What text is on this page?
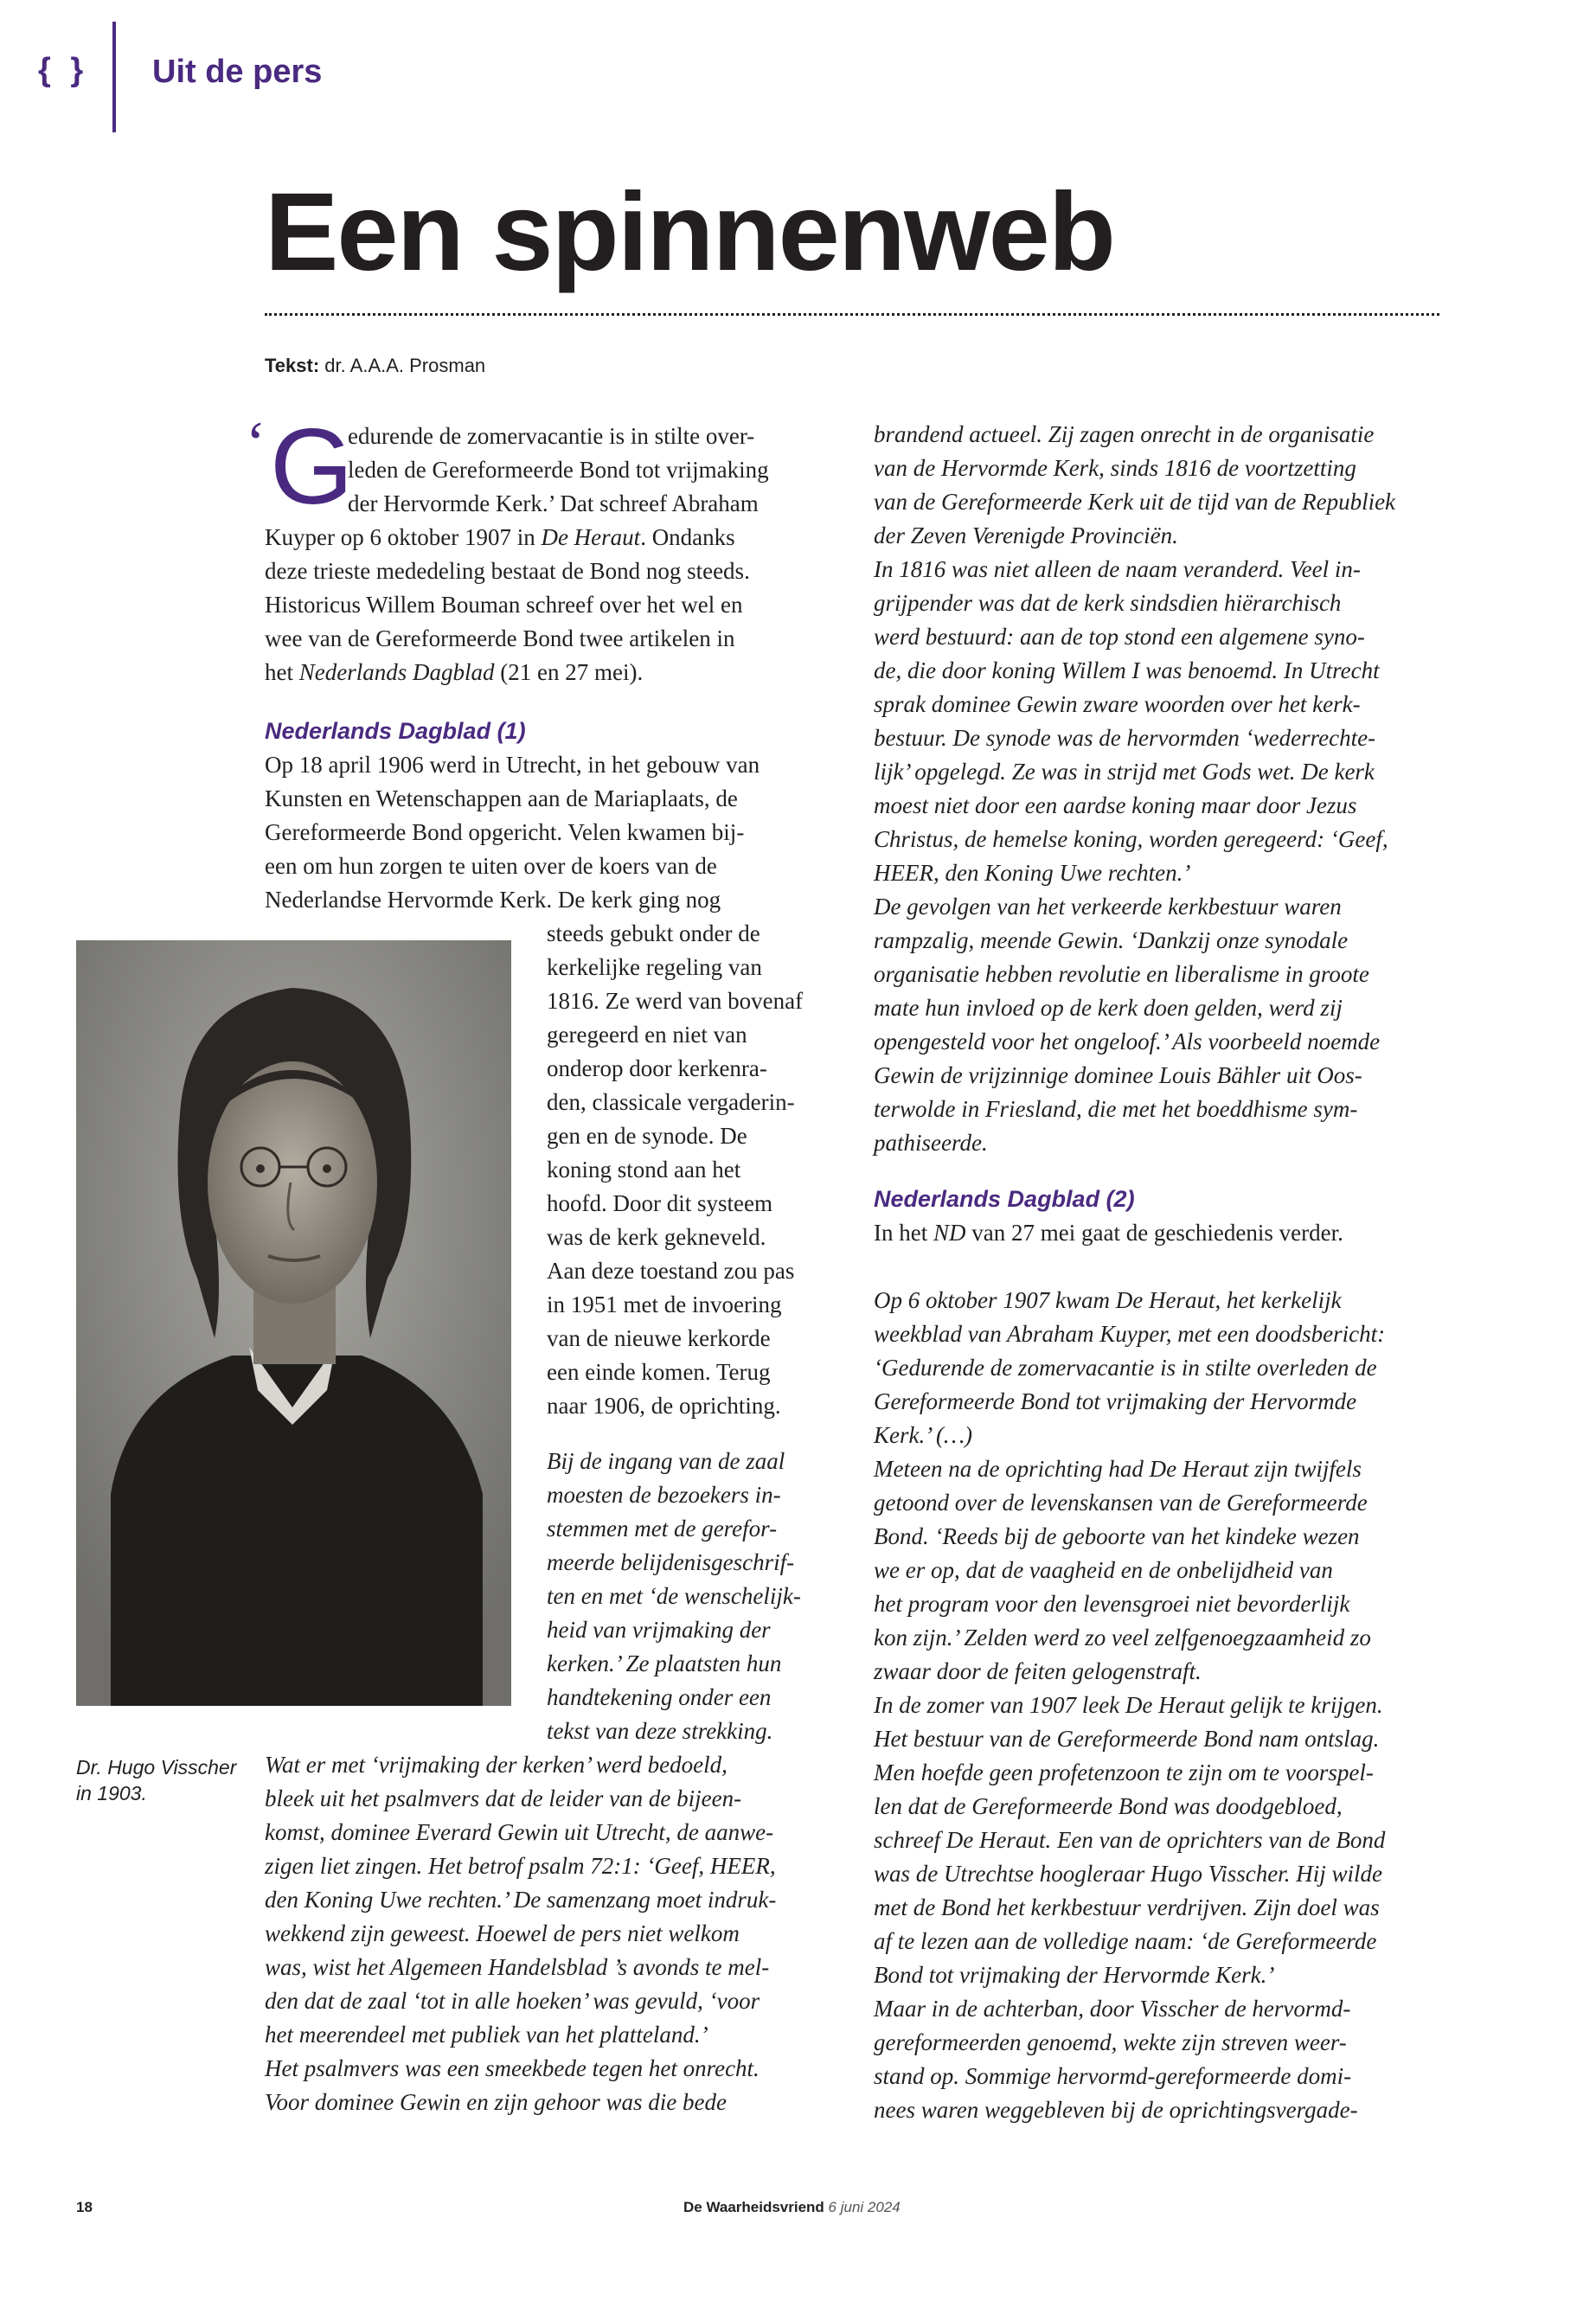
{ } Uit de pers
Een spinnenweb
Tekst: dr. A.A.A. Prosman
‘ G

edurende de zomervacantie is in stilte over-

leden de Gereformeerde Bond tot vrijmaking

der Hervormde Kerk.’ Dat schreef Abraham

Kuyper op 6 oktober 1907 in De Heraut. Ondanks

deze trieste mededeling bestaat de Bond nog steeds.

Historicus Willem Bouman schreef over het wel en

wee van de Gereformeerde Bond twee artikelen in

het Nederlands Dagblad (21 en 27 mei).

Nederlands Dagblad (1)

Op 18 april 1906 werd in Utrecht, in het gebouw van

Kunsten en Wetenschappen aan de Mariaplaats, de

Gereformeerde Bond opgericht. Velen kwamen bij-

een om hun zorgen te uiten over de koers van de

Nederlandse Hervormde Kerk. De kerk ging nog

steeds gebukt onder de

kerkelijke regeling van

1816. Ze werd van bovenaf

geregeerd en niet van

onderop door kerkenra-

den, classicale vergaderin-

gen en de synode. De

koning stond aan het

hoofd. Door dit systeem

was de kerk gekneveld.

Aan deze toestand zou pas

in 1951 met de invoering

van de nieuwe kerkorde

een einde komen. Terug

naar 1906, de oprichting.

Bij de ingang van de zaal

moesten de bezoekers in-

stemmen met de gerefor-

meerde belijdenisgeschrif-

ten en met ‘de wenschelijk-

heid van vrijmaking der

kerken.’ Ze plaatsten hun

handtekening onder een

tekst van deze strekking.

Wat er met ‘vrijmaking der kerken’ werd bedoeld,

bleek uit het psalmvers dat de leider van de bijeen-

komst, dominee Everard Gewin uit Utrecht, de aanwe-

zigen liet zingen. Het betrof psalm 72:1: ‘Geef, HEER,

den Koning Uwe rechten.’ De samenzang moet indruk-

wekkend zijn geweest. Hoewel de pers niet welkom

was, wist het Algemeen Handelsblad ’s avonds te mel-

den dat de zaal ‘tot in alle hoeken’ was gevuld, ‘voor

het meerendeel met publiek van het platteland.’

Het psalmvers was een smeekbede tegen het onrecht.

Voor dominee Gewin en zijn gehoor was die bede

Dr. Hugo Visscher
in 1903.

brandend actueel. Zij zagen onrecht in de organisatie

van de Hervormde Kerk, sinds 1816 de voortzetting

van de Gereformeerde Kerk uit de tijd van de Republiek

der Zeven Verenigde Provinciën.

In 1816 was niet alleen de naam veranderd. Veel in-

grijpender was dat de kerk sindsdien hiërarchisch

werd bestuurd: aan de top stond een algemene syno-

de, die door koning Willem I was benoemd. In Utrecht

sprak dominee Gewin zware woorden over het kerk-

bestuur. De synode was de hervormden ‘wederrechte-

lijk’ opgelegd. Ze was in strijd met Gods wet. De kerk

moest niet door een aardse koning maar door Jezus

Christus, de hemelse koning, worden geregeerd: ‘Geef,

HEER, den Koning Uwe rechten.’

De gevolgen van het verkeerde kerkbestuur waren

rampzalig, meende Gewin. ‘Dankzij onze synodale

organisatie hebben revolutie en liberalisme in groote

mate hun invloed op de kerk doen gelden, werd zij

opengesteld voor het ongeloof.’ Als voorbeeld noemde

Gewin de vrijzinnige dominee Louis Bähler uit Oos-

terwolde in Friesland, die met het boeddhisme sym-

pathiseerde.

Nederlands Dagblad (2)

In het ND van 27 mei gaat de geschiedenis verder.

Op 6 oktober 1907 kwam De Heraut, het kerkelijk

weekblad van Abraham Kuyper, met een doodsbericht:

‘Gedurende de zomervacantie is in stilte overleden de

Gereformeerde Bond tot vrijmaking der Hervormde

Kerk.’ (…)

Meteen na de oprichting had De Heraut zijn twijfels

getoond over de levenskansen van de Gereformeerde

Bond. ‘Reeds bij de geboorte van het kindeke wezen

we er op, dat de vaagheid en de onbelijdheid van

het program voor den levensgroei niet bevorderlijk

kon zijn.’ Zelden werd zo veel zelfgenoegzaamheid zo

zwaar door de feiten gelogenstraft.

In de zomer van 1907 leek De Heraut gelijk te krijgen.

Het bestuur van de Gereformeerde Bond nam ontslag.

Men hoefde geen profetenzoon te zijn om te voorspel-

len dat de Gereformeerde Bond was doodgebloed,

schreef De Heraut. Een van de oprichters van de Bond

was de Utrechtse hoogleraar Hugo Visscher. Hij wilde

met de Bond het kerkbestuur verdrijven. Zijn doel was

af te lezen aan de volledige naam: ‘de Gereformeerde

Bond tot vrijmaking der Hervormde Kerk.’

Maar in de achterban, door Visscher de hervormd-

gereformeerden genoemd, wekte zijn streven weer-

stand op. Sommige hervormd-gereformeerde domi-

nees waren weggebleven bij de oprichtingsvergade-

18	De Waarheidsvriend 6 juni 2024
